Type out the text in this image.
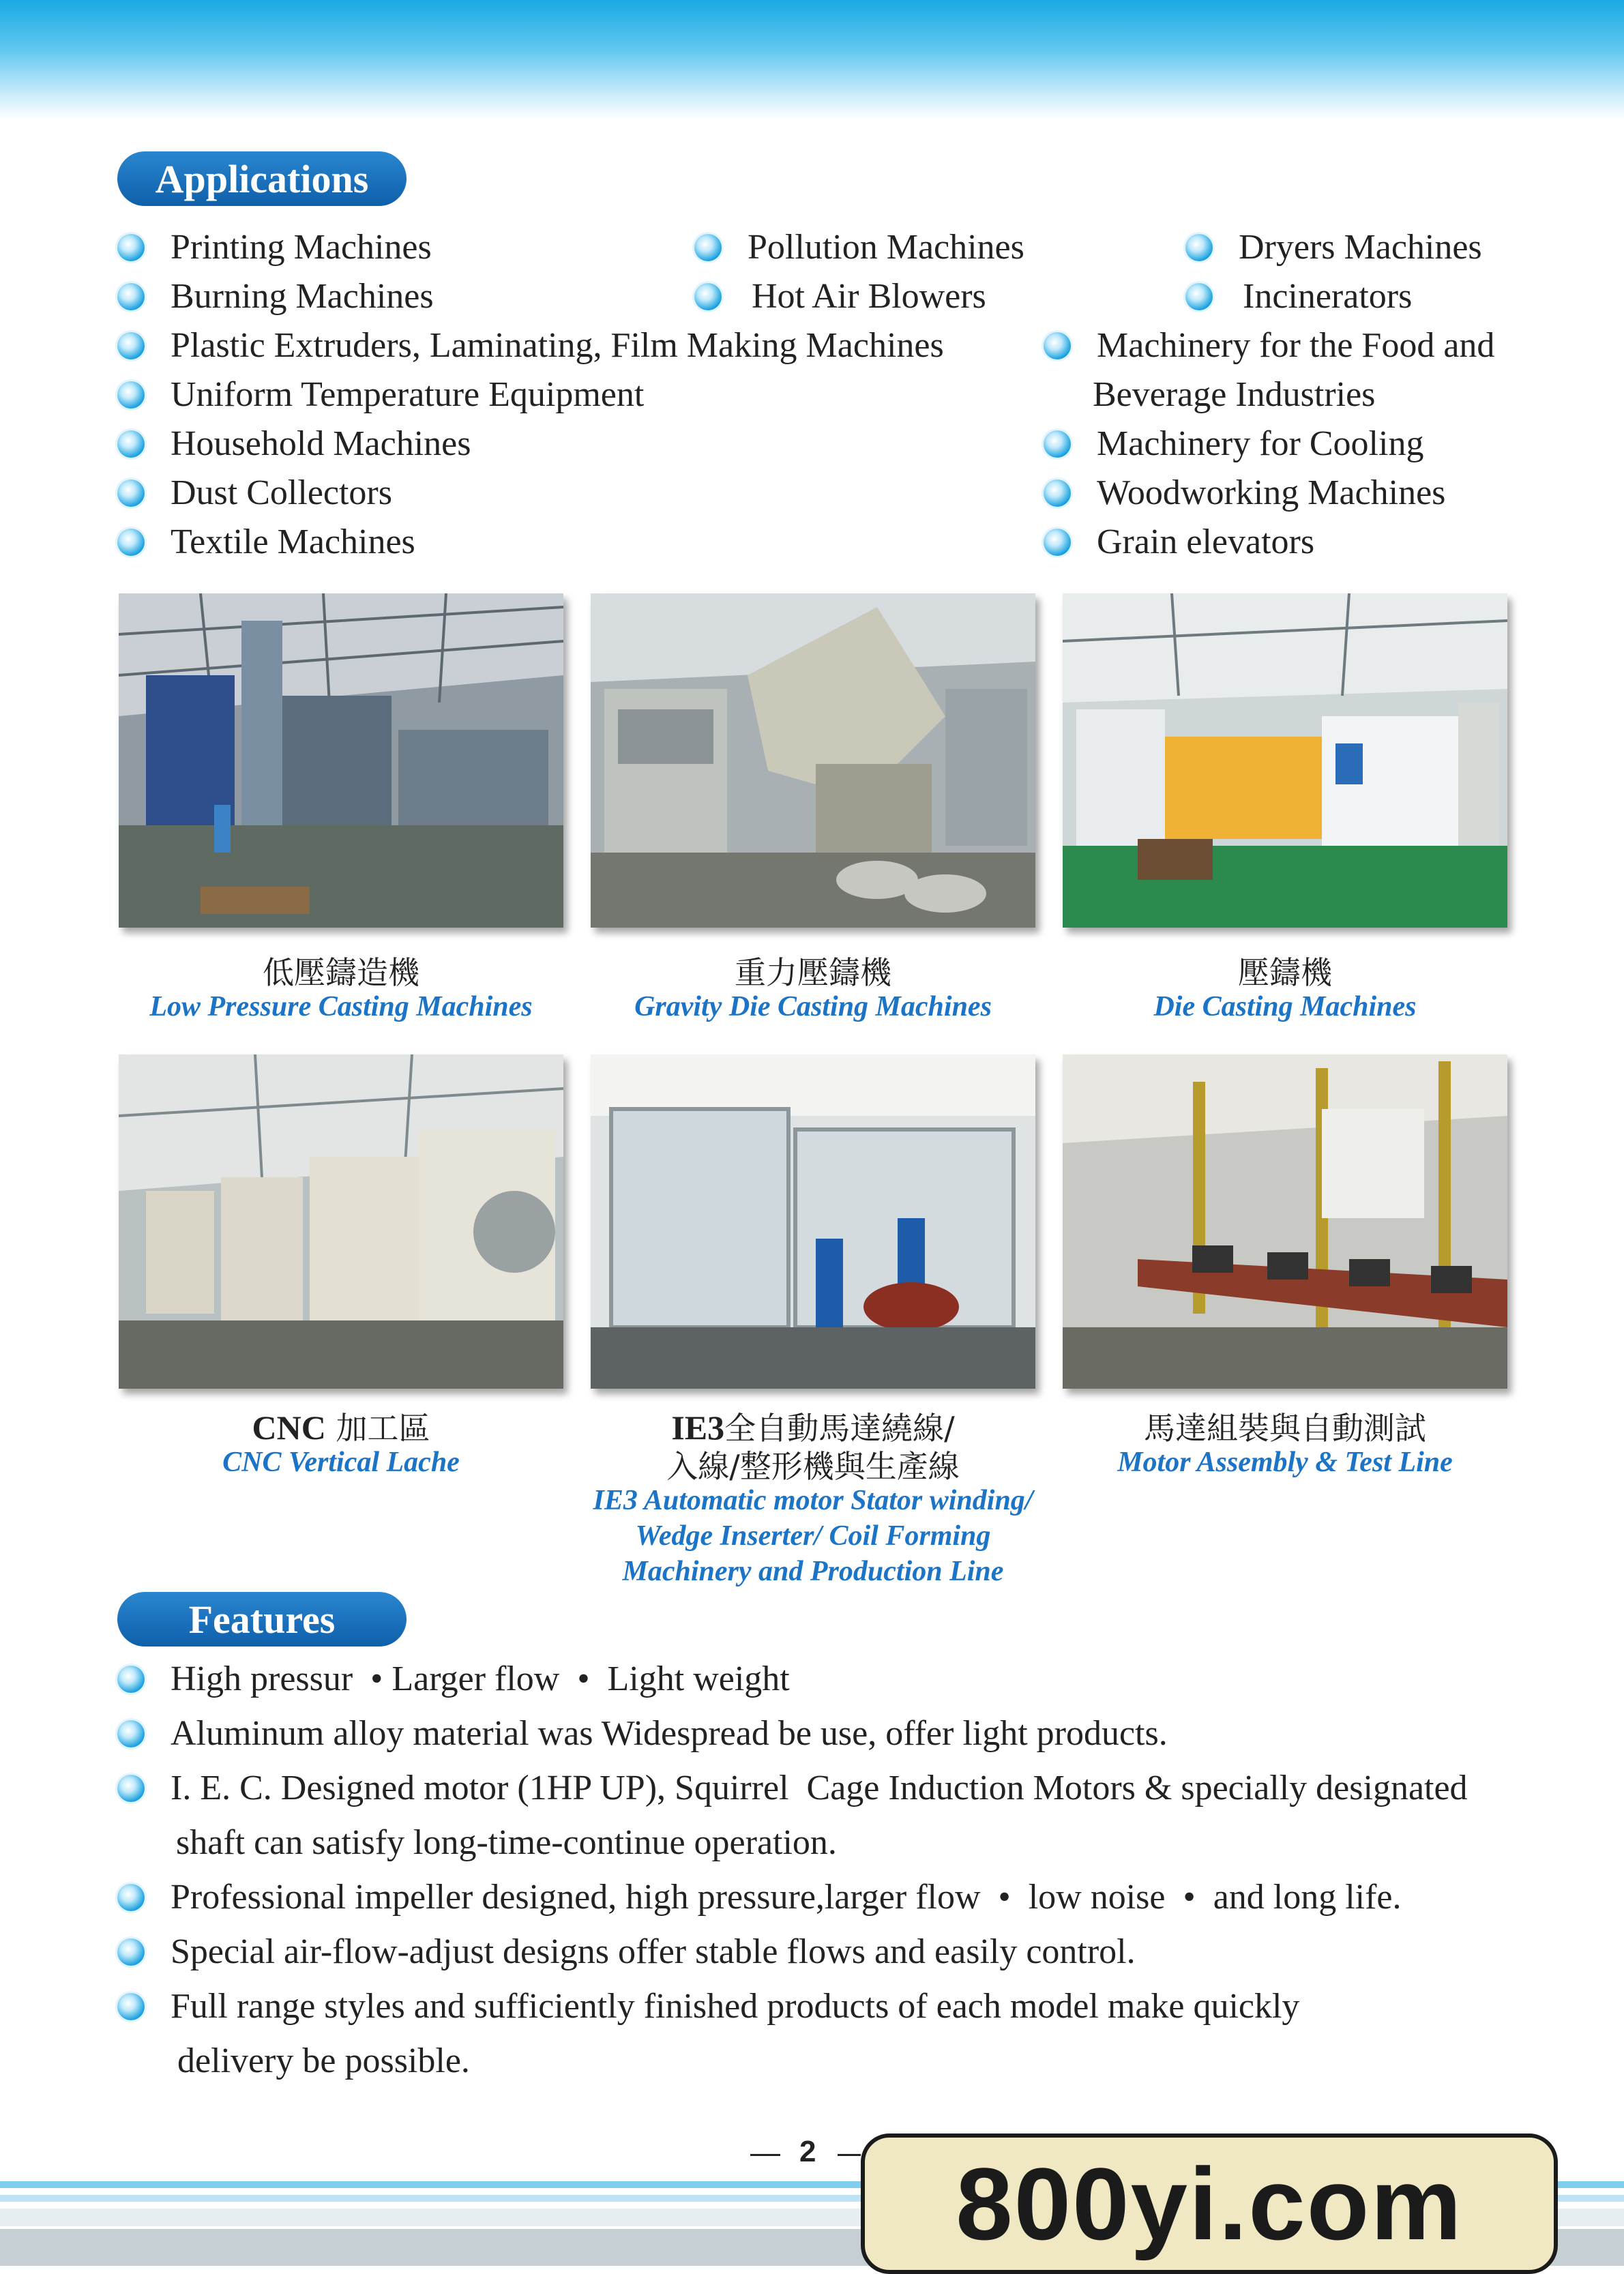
Applications
Printing Machines
Burning Machines
Plastic Extruders, Laminating, Film Making Machines
Uniform Temperature Equipment
Household Machines
Dust Collectors
Textile Machines
Pollution Machines
Hot Air Blowers
Dryers Machines
Incinerators
Machinery for the Food and
Beverage Industries
Machinery for Cooling
Woodworking Machines
Grain elevators
低壓鑄造機
Low Pressure Casting Machines
重力壓鑄機
Gravity Die Casting Machines
壓鑄機
Die Casting Machines
CNC 加工區
CNC Vertical Lache
IE3全自動馬達繞線/
入線/整形機與生產線
IE3 Automatic motor Stator winding/
Wedge Inserter/ Coil Forming
Machinery and Production Line
馬達組裝與自動測試
Motor Assembly & Test Line
Features
High pressur  • Larger flow  •  Light weight
Aluminum alloy material was Widespread be use, offer light products.
I. E. C. Designed motor (1HP UP), Squirrel  Cage Induction Motors & specially designated
shaft can satisfy long-time-continue operation.
Professional impeller designed, high pressure,larger flow  •  low noise  •  and long life.
Special air-flow-adjust designs offer stable flows and easily control.
Full range styles and sufficiently finished products of each model make quickly
delivery be possible.
2	800yi.com
